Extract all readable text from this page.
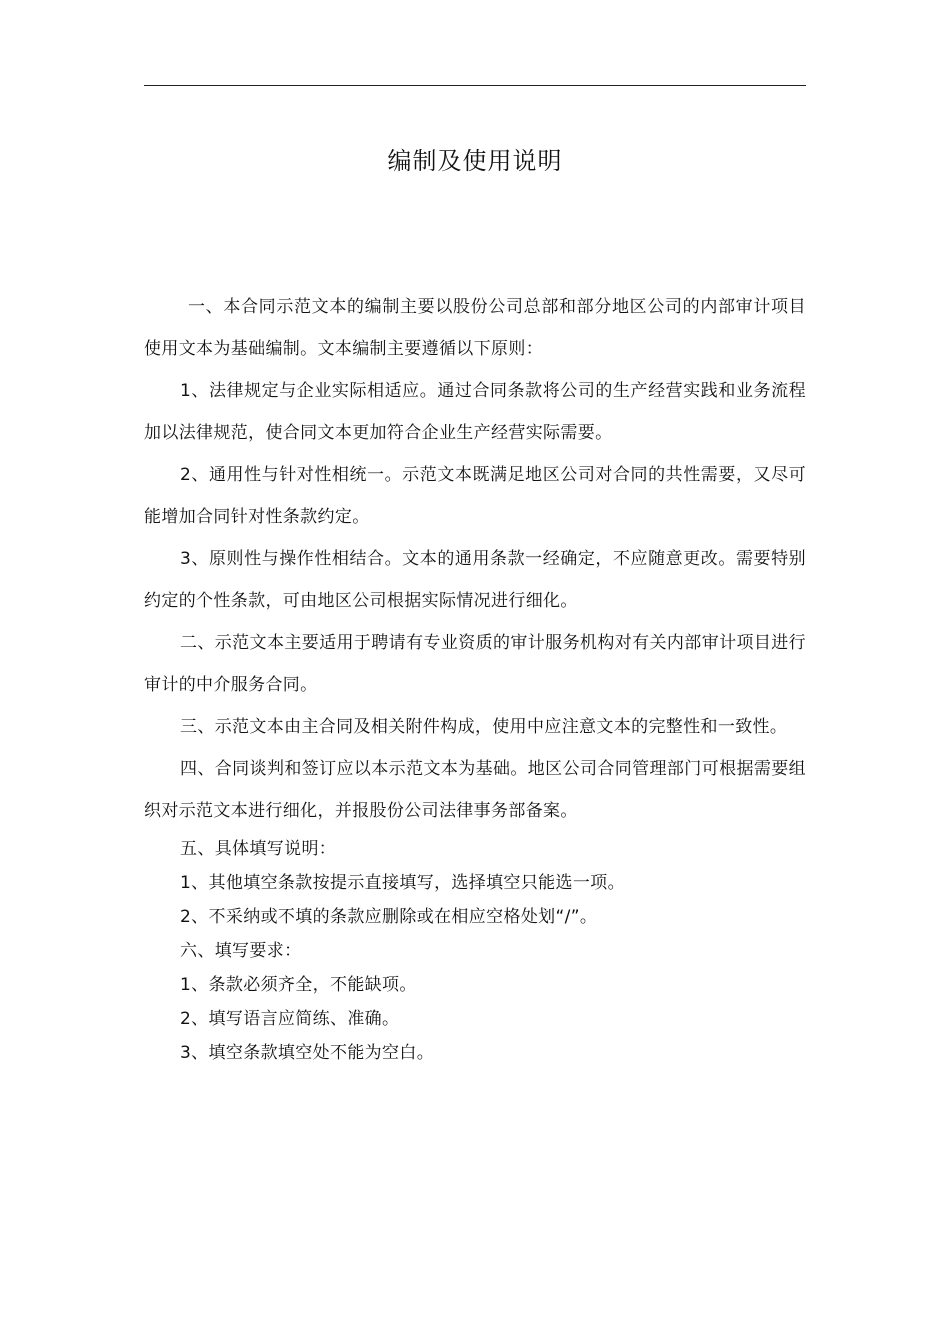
编制及使用说明

一、本合同示范文本的编制主要以股份公司总部和部分地区公司的内部审计项目使用文本为基础编制。文本编制主要遵循以下原则：

1、法律规定与企业实际相适应。通过合同条款将公司的生产经营实践和业务流程加以法律规范，使合同文本更加符合企业生产经营实际需要。

2、通用性与针对性相统一。示范文本既满足地区公司对合同的共性需要，又尽可能增加合同针对性条款约定。

3、原则性与操作性相结合。文本的通用条款一经确定，不应随意更改。需要特别约定的个性条款，可由地区公司根据实际情况进行细化。

二、示范文本主要适用于聘请有专业资质的审计服务机构对有关内部审计项目进行审计的中介服务合同。

三、示范文本由主合同及相关附件构成，使用中应注意文本的完整性和一致性。

四、合同谈判和签订应以本示范文本为基础。地区公司合同管理部门可根据需要组织对示范文本进行细化，并报股份公司法律事务部备案。

五、具体填写说明：

1、其他填空条款按提示直接填写，选择填空只能选一项。

2、不采纳或不填的条款应删除或在相应空格处划“/”。

六、填写要求：

1、条款必须齐全，不能缺项。

2、填写语言应简练、准确。

3、填空条款填空处不能为空白。
